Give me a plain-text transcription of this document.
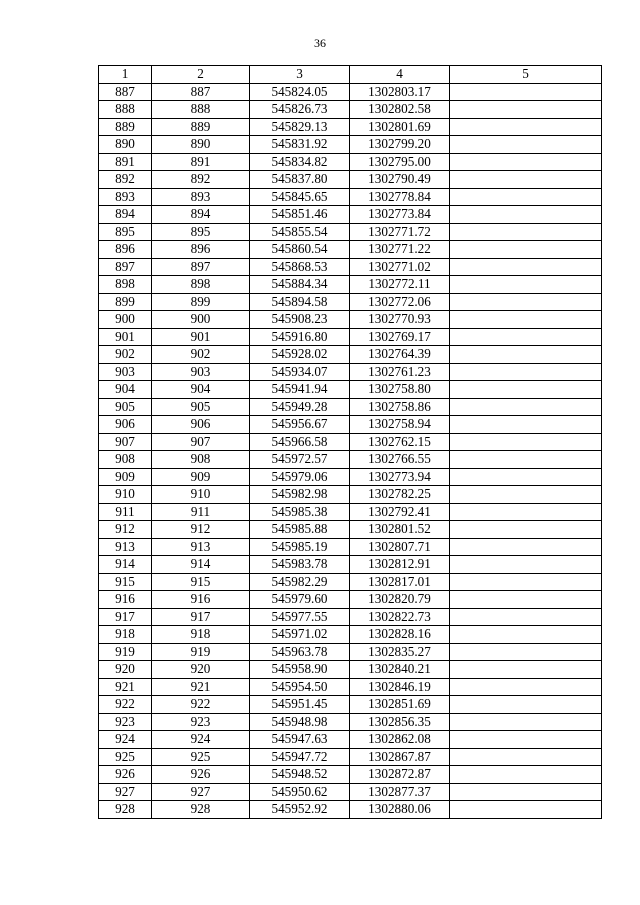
36
1	2	3	4	5
887	887	545824.05	1302803.17	
888	888	545826.73	1302802.58	
889	889	545829.13	1302801.69	
890	890	545831.92	1302799.20	
891	891	545834.82	1302795.00	
892	892	545837.80	1302790.49	
893	893	545845.65	1302778.84	
894	894	545851.46	1302773.84	
895	895	545855.54	1302771.72	
896	896	545860.54	1302771.22	
897	897	545868.53	1302771.02	
898	898	545884.34	1302772.11	
899	899	545894.58	1302772.06	
900	900	545908.23	1302770.93	
901	901	545916.80	1302769.17	
902	902	545928.02	1302764.39	
903	903	545934.07	1302761.23	
904	904	545941.94	1302758.80	
905	905	545949.28	1302758.86	
906	906	545956.67	1302758.94	
907	907	545966.58	1302762.15	
908	908	545972.57	1302766.55	
909	909	545979.06	1302773.94	
910	910	545982.98	1302782.25	
911	911	545985.38	1302792.41	
912	912	545985.88	1302801.52	
913	913	545985.19	1302807.71	
914	914	545983.78	1302812.91	
915	915	545982.29	1302817.01	
916	916	545979.60	1302820.79	
917	917	545977.55	1302822.73	
918	918	545971.02	1302828.16	
919	919	545963.78	1302835.27	
920	920	545958.90	1302840.21	
921	921	545954.50	1302846.19	
922	922	545951.45	1302851.69	
923	923	545948.98	1302856.35	
924	924	545947.63	1302862.08	
925	925	545947.72	1302867.87	
926	926	545948.52	1302872.87	
927	927	545950.62	1302877.37	
928	928	545952.92	1302880.06	
